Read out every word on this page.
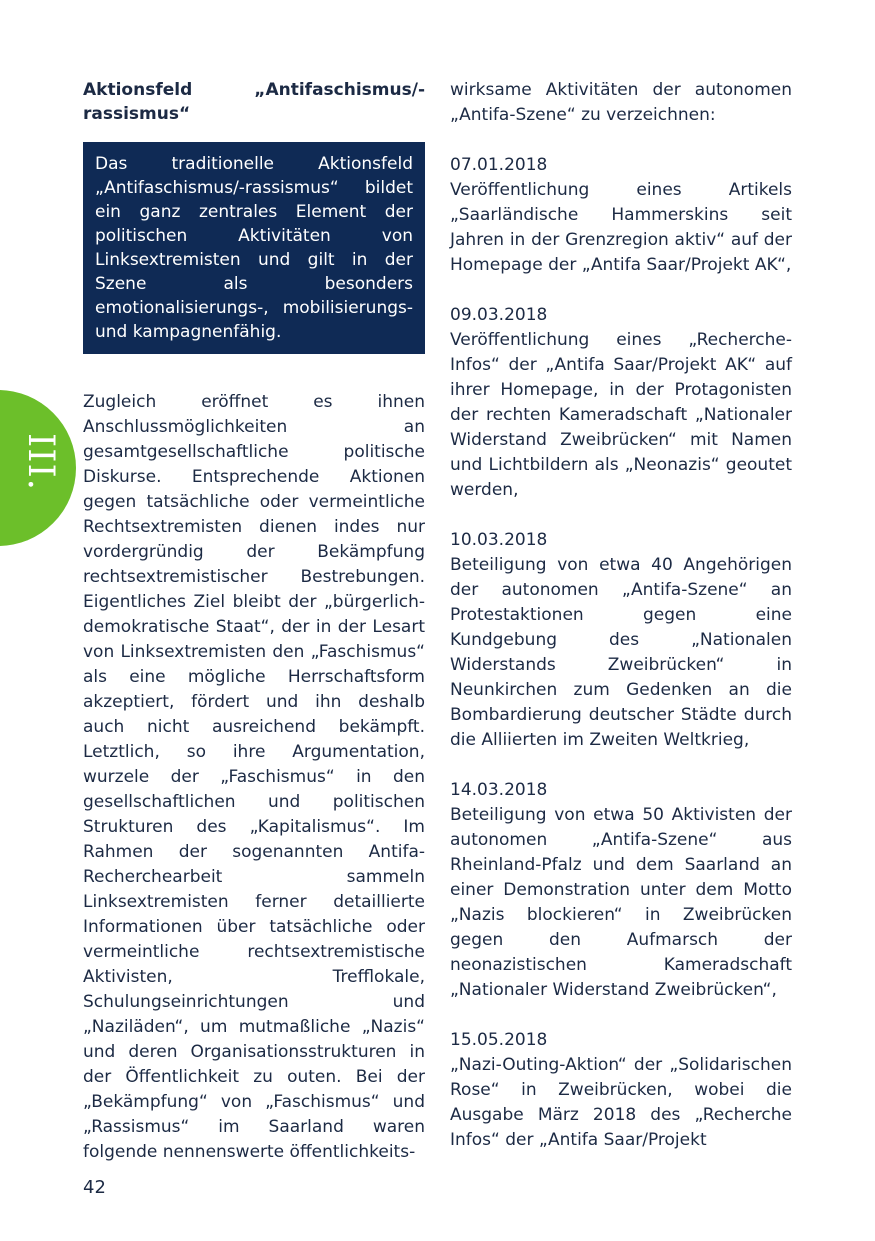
III.
Aktionsfeld „Antifaschismus/-rassismus“
Das traditionelle Aktionsfeld „Antifaschismus/-rassismus“ bildet ein ganz zentrales Element der politischen Aktivitäten von Linksextremisten und gilt in der Szene als besonders emotionalisierungs-, mobilisierungs- und kampagnenfähig.

Zugleich eröffnet es ihnen Anschlussmöglichkeiten an gesamtgesellschaftliche politische Diskurse. Entsprechende Aktionen gegen tatsächliche oder vermeintliche Rechtsextremisten dienen indes nur vordergründig der Bekämpfung rechtsextremistischer Bestrebungen. Eigentliches Ziel bleibt der „bürgerlich-demokratische Staat“, der in der Lesart von Linksextremisten den „Faschismus“ als eine mögliche Herrschaftsform akzeptiert, fördert und ihn deshalb auch nicht ausreichend bekämpft. Letztlich, so ihre Argumentation, wurzele der „Faschismus“ in den gesellschaftlichen und politischen Strukturen des „Kapitalismus“. Im Rahmen der sogenannten Antifa-Recherchearbeit sammeln Linksextremisten ferner detaillierte Informationen über tatsächliche oder vermeintliche rechtsextremistische Aktivisten, Trefflokale, Schulungseinrichtungen und „Naziläden“, um mutmaßliche „Nazis“ und deren Organisationsstrukturen in der Öffentlichkeit zu outen. Bei der „Bekämpfung“ von „Faschismus“ und „Rassismus“ im Saarland waren folgende nennenswerte öffentlichkeits-

wirksame Aktivitäten der autonomen „Antifa-Szene“ zu verzeichnen:

07.01.2018

Veröffentlichung eines Artikels „Saarländische Hammerskins seit Jahren in der Grenzregion aktiv“ auf der Homepage der „Antifa Saar/Projekt AK“,

09.03.2018

Veröffentlichung eines „Recherche-Infos“ der „Antifa Saar/Projekt AK“ auf ihrer Homepage, in der Protagonisten der rechten Kameradschaft „Nationaler Widerstand Zweibrücken“ mit Namen und Lichtbildern als „Neonazis“ geoutet werden,

10.03.2018

Beteiligung von etwa 40 Angehörigen der autonomen „Antifa-Szene“ an Protestaktionen gegen eine Kundgebung des „Nationalen Widerstands Zweibrücken“ in Neunkirchen zum Gedenken an die Bombardierung deutscher Städte durch die Alliierten im Zweiten Weltkrieg,

14.03.2018

Beteiligung von etwa 50 Aktivisten der autonomen „Antifa-Szene“ aus Rheinland-Pfalz und dem Saarland an einer Demonstration unter dem Motto „Nazis blockieren“ in Zweibrücken gegen den Aufmarsch der neonazistischen Kameradschaft „Nationaler Widerstand Zweibrücken“,

15.05.2018

„Nazi-Outing-Aktion“ der „Solidarischen Rose“ in Zweibrücken, wobei die Ausgabe März 2018 des „Recherche Infos“ der „Antifa Saar/Projekt

42
